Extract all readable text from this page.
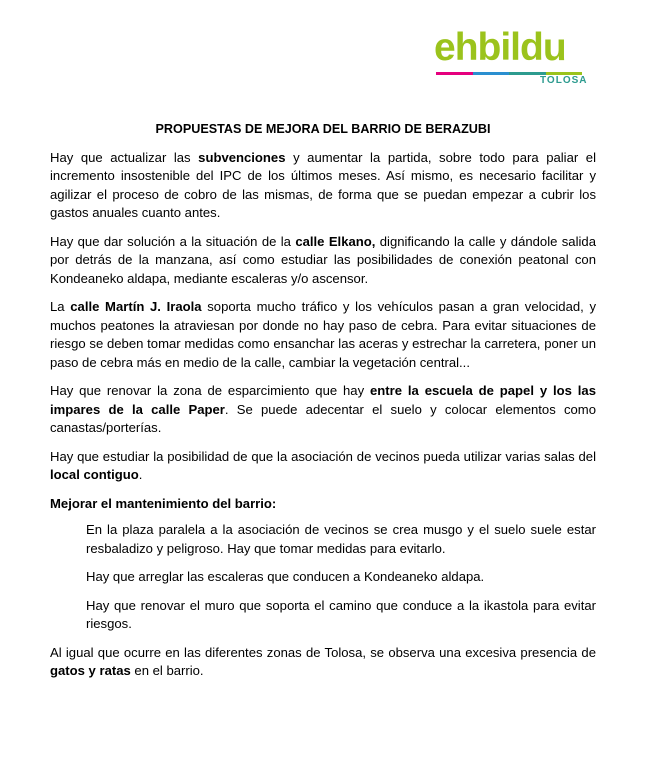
ehbildu
TOLOSA
PROPUESTAS DE MEJORA DEL BARRIO DE BERAZUBI
Hay que actualizar las subvenciones y aumentar la partida, sobre todo para paliar el incremento insostenible del IPC de los últimos meses. Así mismo, es necesario facilitar y agilizar el proceso de cobro de las mismas, de forma que se puedan empezar a cubrir los gastos anuales cuanto antes.
Hay que dar solución a la situación de la calle Elkano, dignificando la calle y dándole salida por detrás de la manzana, así como estudiar las posibilidades de conexión peatonal con Kondeaneko aldapa, mediante escaleras y/o ascensor.
La calle Martín J. Iraola soporta mucho tráfico y los vehículos pasan a gran velocidad, y muchos peatones la atraviesan por donde no hay paso de cebra. Para evitar situaciones de riesgo se deben tomar medidas como ensanchar las aceras y estrechar la carretera, poner un paso de cebra más en medio de la calle, cambiar la vegetación central...
Hay que renovar la zona de esparcimiento que hay entre la escuela de papel y los las impares de la calle Paper. Se puede adecentar el suelo y colocar elementos como canastas/porterías.
Hay que estudiar la posibilidad de que la asociación de vecinos pueda utilizar varias salas del local contiguo.
Mejorar el mantenimiento del barrio:
En la plaza paralela a la asociación de vecinos se crea musgo y el suelo suele estar resbaladizo y peligroso. Hay que tomar medidas para evitarlo.
Hay que arreglar las escaleras que conducen a Kondeaneko aldapa.
Hay que renovar el muro que soporta el camino que conduce a la ikastola para evitar riesgos.
Al igual que ocurre en las diferentes zonas de Tolosa, se observa una excesiva presencia de gatos y ratas en el barrio.
